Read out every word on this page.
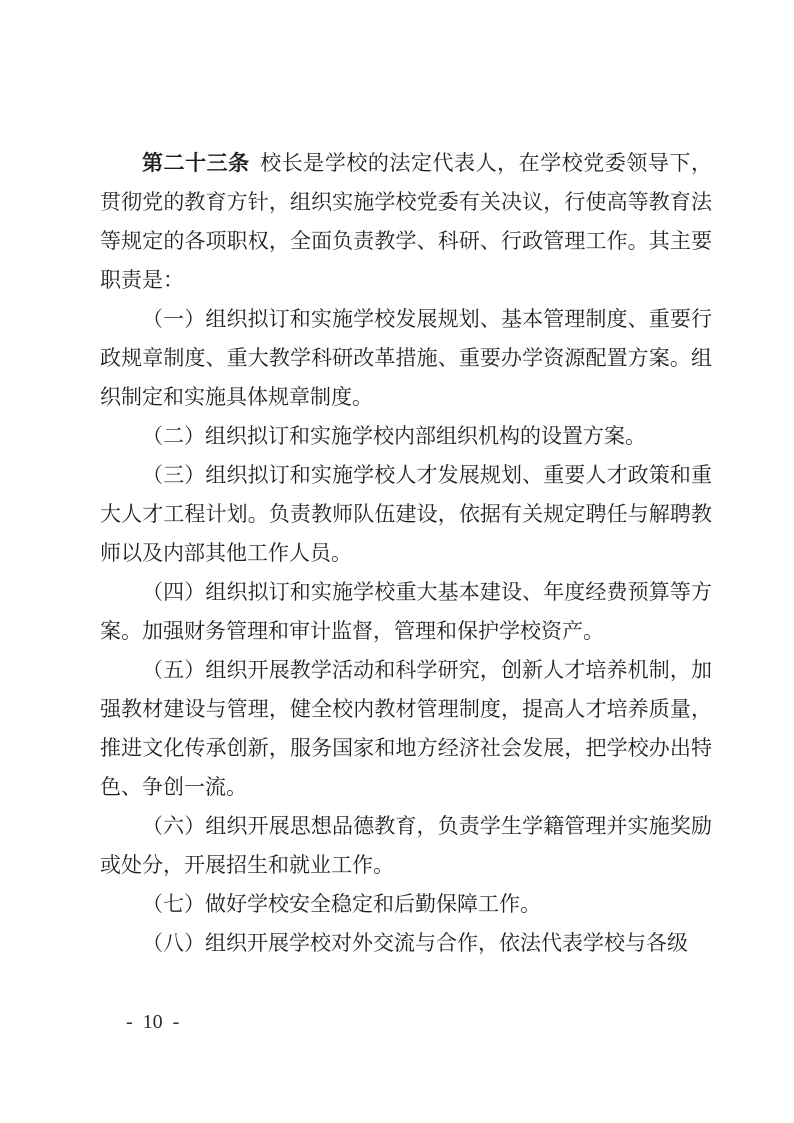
第二十三条 校长是学校的法定代表人，在学校党委领导下，贯彻党的教育方针，组织实施学校党委有关决议，行使高等教育法等规定的各项职权，全面负责教学、科研、行政管理工作。其主要职责是：

（一）组织拟订和实施学校发展规划、基本管理制度、重要行政规章制度、重大教学科研改革措施、重要办学资源配置方案。组织制定和实施具体规章制度。

（二）组织拟订和实施学校内部组织机构的设置方案。

（三）组织拟订和实施学校人才发展规划、重要人才政策和重大人才工程计划。负责教师队伍建设，依据有关规定聘任与解聘教师以及内部其他工作人员。

（四）组织拟订和实施学校重大基本建设、年度经费预算等方案。加强财务管理和审计监督，管理和保护学校资产。

（五）组织开展教学活动和科学研究，创新人才培养机制，加强教材建设与管理，健全校内教材管理制度，提高人才培养质量，推进文化传承创新，服务国家和地方经济社会发展，把学校办出特色、争创一流。

（六）组织开展思想品德教育，负责学生学籍管理并实施奖励或处分，开展招生和就业工作。

（七）做好学校安全稳定和后勤保障工作。

（八）组织开展学校对外交流与合作，依法代表学校与各级

- 10 -
